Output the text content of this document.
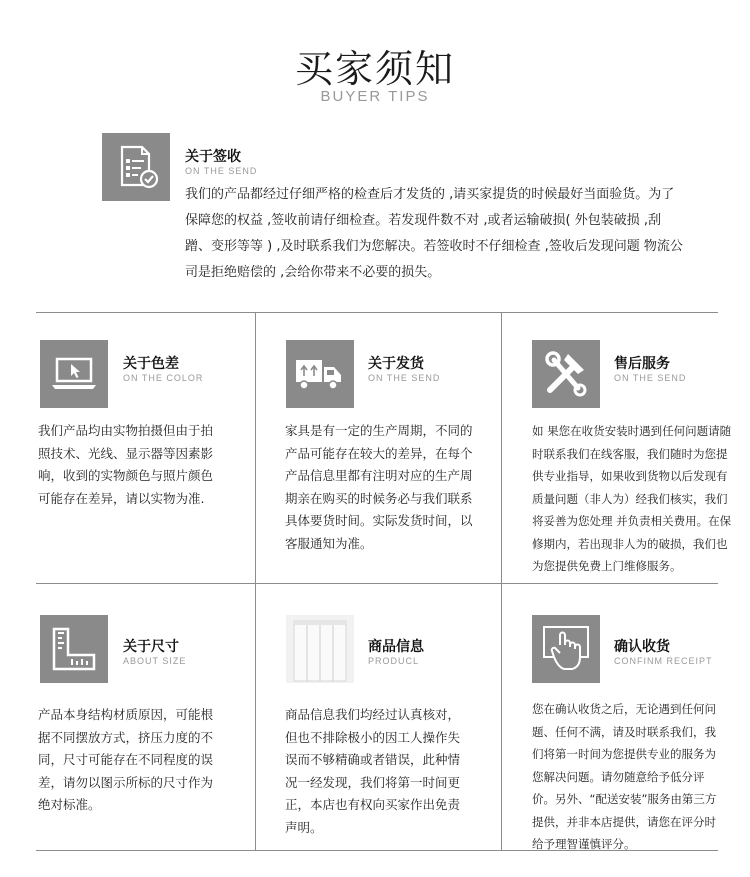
买家须知
BUYER TIPS
关于签收
ON THE SEND
我们的产品都经过仔细严格的检查后才发货的 ,请买家提货的时候最好当面验货。为了保障您的权益 ,签收前请仔细检查。若发现件数不对 ,或者运输破损( 外包装破损 ,刮蹭、变形等等 ) ,及时联系我们为您解决。若签收时不仔细检查 ,签收后发现问题 物流公司是拒绝赔偿的 ,会给你带来不必要的损失。
关于色差
ON THE COLOR
我们产品均由实物拍摄但由于拍照技术、光线、显示器等因素影响，收到的实物颜色与照片颜色可能存在差异，请以实物为准.
关于发货
ON THE SEND
家具是有一定的生产周期，不同的产品可能存在较大的差异，在每个产品信息里都有注明对应的生产周期亲在购买的时候务必与我们联系具体要货时间。实际发货时间，以客服通知为准。
售后服务
ON THE SEND
如 果您在收货安装时遇到任何问题请随时联系我们在线客服，我们随时为您提供专业指导，如果收到货物以后发现有质量问题（非人为）经我们核实，我们将妥善为您处理 并负责相关费用。在保修期内，若出现非人为的破损，我们也为您提供免费上门维修服务。
关于尺寸
ABOUT SIZE
产品本身结构材质原因，可能根据不同摆放方式，挤压力度的不同，尺寸可能存在不同程度的误差，请勿以图示所标的尺寸作为绝对标准。
商品信息
PRODUCL
商品信息我们均经过认真核对，但也不排除极小的因工人操作失误而不够精确或者错误，此种情况一经发现，我们将第一时间更正，本店也有权向买家作出免责声明。
确认收货
CONFINM RECEIPT
您在确认收货之后，无论遇到任何问题、任何不满，请及时联系我们，我们将第一时间为您提供专业的服务为您解决问题。请勿随意给予低分评价。另外、“配送安装”服务由第三方提供，并非本店提供，请您在评分时给予理智谨慎评分。
